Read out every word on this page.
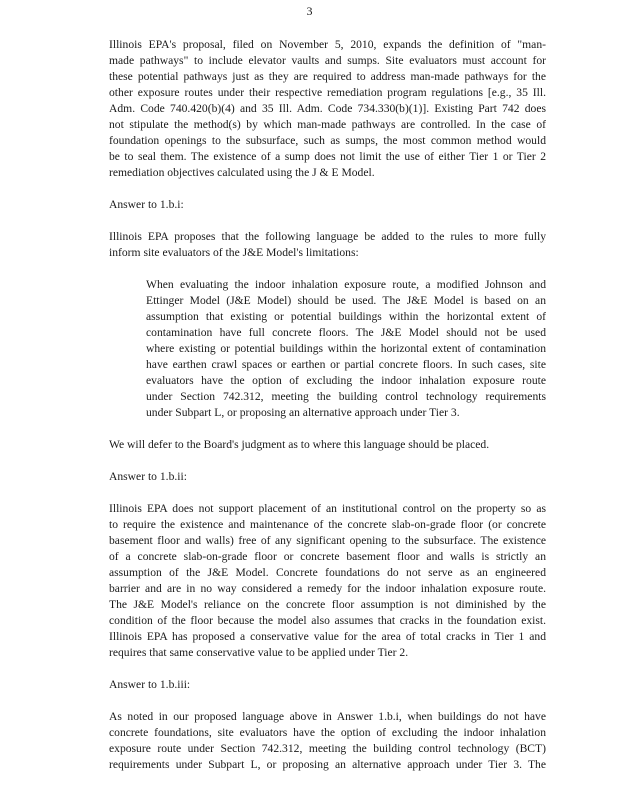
3
Illinois EPA's proposal, filed on November 5, 2010, expands the definition of "man-
made pathways" to include elevator vaults and sumps. Site evaluators must account for
these potential pathways just as they are required to address man-made pathways for the
other exposure routes under their respective remediation program regulations [e.g., 35 Ill.
Adm. Code 740.420(b)(4) and 35 Ill. Adm. Code 734.330(b)(1)]. Existing Part 742 does
not stipulate the method(s) by which man-made pathways are controlled. In the case of
foundation openings to the subsurface, such as sumps, the most common method would
be to seal them. The existence of a sump does not limit the use of either Tier 1 or Tier 2
remediation objectives calculated using the J & E Model.
Answer to 1.b.i:
Illinois EPA proposes that the following language be added to the rules to more fully
inform site evaluators of the J&E Model's limitations:
When evaluating the indoor inhalation exposure route, a modified Johnson and
Ettinger Model (J&E Model) should be used. The J&E Model is based on an
assumption that existing or potential buildings within the horizontal extent of
contamination have full concrete floors. The J&E Model should not be used
where existing or potential buildings within the horizontal extent of contamination
have earthen crawl spaces or earthen or partial concrete floors. In such cases, site
evaluators have the option of excluding the indoor inhalation exposure route
under Section 742.312, meeting the building control technology requirements
under Subpart L, or proposing an alternative approach under Tier 3.
We will defer to the Board's judgment as to where this language should be placed.
Answer to 1.b.ii:
Illinois EPA does not support placement of an institutional control on the property so as
to require the existence and maintenance of the concrete slab-on-grade floor (or concrete
basement floor and walls) free of any significant opening to the subsurface. The existence
of a concrete slab-on-grade floor or concrete basement floor and walls is strictly an
assumption of the J&E Model. Concrete foundations do not serve as an engineered
barrier and are in no way considered a remedy for the indoor inhalation exposure route.
The J&E Model's reliance on the concrete floor assumption is not diminished by the
condition of the floor because the model also assumes that cracks in the foundation exist.
Illinois EPA has proposed a conservative value for the area of total cracks in Tier 1 and
requires that same conservative value to be applied under Tier 2.
Answer to 1.b.iii:
As noted in our proposed language above in Answer 1.b.i, when buildings do not have
concrete foundations, site evaluators have the option of excluding the indoor inhalation
exposure route under Section 742.312, meeting the building control technology (BCT)
requirements under Subpart L, or proposing an alternative approach under Tier 3. The
